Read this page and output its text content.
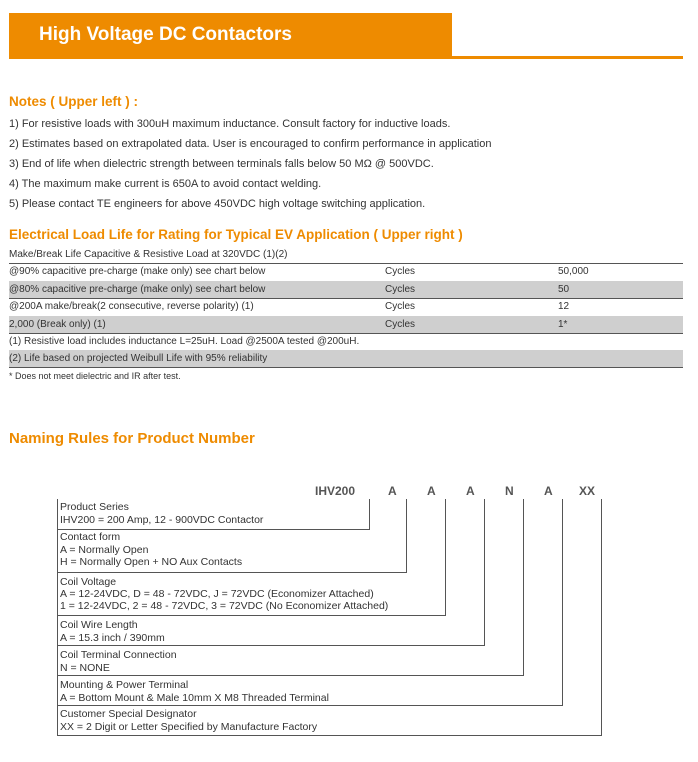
High Voltage DC Contactors
Notes ( Upper left ) :
1) For resistive loads with 300uH maximum inductance. Consult factory for inductive loads.
2) Estimates based on extrapolated data. User is encouraged to confirm performance in application
3) End of life when dielectric strength between terminals falls below 50 MΩ @ 500VDC.
4) The maximum make current is 650A to avoid contact welding.
5) Please contact TE engineers for above 450VDC high voltage switching application.
Electrical Load Life for Rating for Typical EV Application ( Upper right )
Make/Break Life Capacitive & Resistive Load at 320VDC (1)(2)
@90% capacitive pre-charge (make only) see chart below	Cycles	50,000
@80% capacitive pre-charge (make only) see chart below	Cycles	50
@200A make/break(2 consecutive, reverse polarity) (1)	Cycles	12
2,000 (Break only) (1)	Cycles	1*
(1) Resistive load includes inductance L=25uH. Load @2500A tested @200uH.
(2) Life based on projected Weibull Life with 95% reliability
* Does not meet dielectric and IR after test.
Naming Rules for Product Number
IHV200	A	A	A	N	A XX
Product Series
IHV200 = 200 Amp, 12 - 900VDC Contactor
Contact form
A = Normally Open
H = Normally Open + NO Aux Contacts
Coil Voltage
A = 12-24VDC, D = 48 - 72VDC, J = 72VDC (Economizer Attached)
1 = 12-24VDC, 2 = 48 - 72VDC, 3 = 72VDC (No Economizer Attached)
Coil Wire Length
A = 15.3 inch / 390mm
Coil Terminal Connection
N = NONE
Mounting & Power Terminal
A = Bottom Mount & Male 10mm X M8 Threaded Terminal
Customer Special Designator
XX = 2 Digit or Letter Specified by Manufacture Factory
